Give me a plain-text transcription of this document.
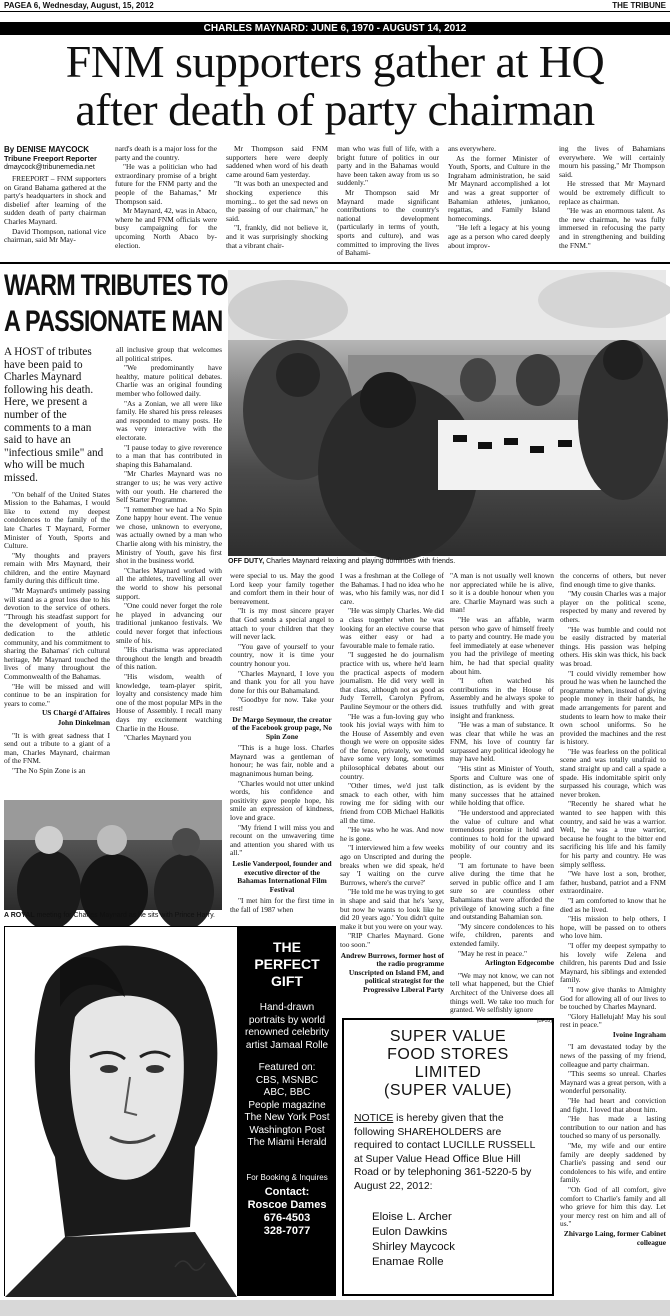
PAGEA 6, Wednesday, August, 15, 2012	THE TRIBUNE
CHARLES MAYNARD: JUNE 6, 1970 - AUGUST 14, 2012
FNM supporters gather at HQ
after death of party chairman
By DENISE MAYCOCK
Tribune Freeport Reporter
dmaycock@tribunemedia.net

FREEPORT – FNM supporters on Grand Bahama gathered at the party's headquarters in shock and disbelief after learning of the sudden death of party chairman Charles Maynard.

David Thompson, national vice chairman, said Mr May-

nard's death is a major loss for the party and the country.

"He was a politician who had extraordinary promise of a bright future for the FNM party and the people of the Bahamas," Mr Thompson said.

Mr Maynard, 42, was in Abaco, where he and FNM officials were busy campaigning for the upcoming North Abaco by-election.

Mr Thompson said FNM supporters here were deeply saddened when word of his death came around 6am yesterday.

"It was both an unexpected and shocking experience this morning... to get the sad news on the passing of our chairman," he said.

"I, frankly, did not believe it, and it was surprisingly shocking that a vibrant chair-

man who was full of life, with a bright future of politics in our party and in the Bahamas would have been taken away from us so suddenly."

Mr Thompson said Mr Maynard made significant contributions to the country's national development (particularly in terms of youth, sports and culture), and was committed to improving the lives of Bahami-

ans everywhere.

As the former Minister of Youth, Sports, and Culture in the Ingraham administration, he said Mr Maynard accomplished a lot and was a great supporter of Bahamian athletes, junkanoo, regattas, and Family Island homecomings.

"He left a legacy at his young age as a person who cared deeply about improv-

ing the lives of Bahamians everywhere. We will certainly mourn his passing," Mr Thompson said.

He stressed that Mr Maynard would be extremely difficult to replace as chairman.

"He was an enormous talent. As the new chairman, he was fully immersed in refocusing the party and in strengthening and building the FNM."

WARM TRIBUTES TO
A PASSIONATE MAN
A HOST of tributes have been paid to Charles Maynard following his death. Here, we present a number of the comments to a man said to have an "infectious smile" and who will be much missed.

"On behalf of the United States Mission to the Bahamas, I would like to extend my deepest condolences to the family of the late Charles T Maynard, Former Minister of Youth, Sports and Culture.

"My thoughts and prayers remain with Mrs Maynard, their children, and the entire Maynard family during this difficult time.

"Mr Maynard's untimely passing will stand as a great loss due to his devotion to the service of others. "Through his steadfast support for the development of youth, his dedication to the athletic community, and his commitment to sharing the Bahamas' rich cultural heritage, Mr Maynard touched the lives of many throughout the Commonwealth of the Bahamas.

"He will be missed and will continue to be an inspiration for years to come."

US Chargé d'Affaires

John Dinkelman

"It is with great sadness that I send out a tribute to a giant of a man, Charles Maynard, chairman of the FNM.

"The No Spin Zone is an

all inclusive group that welcomes all political stripes.

"We predominantly have healthy, mature political debates. Charlie was an original founding member who followed daily.

"As a Zonian, we all were like family. He shared his press releases and responded to many posts. He was very interactive with the electorate.

"I pause today to give reverence to a man that has contributed in shaping this Bahamaland.

"Mr Charles Maynard was no stranger to us; he was very active with our youth. He chartered the Self Starter Programme.

"I remember we had a No Spin Zone happy hour event. The venue we chose, unknown to everyone, was actually owned by a man who Charlie along with his ministry, the Ministry of Youth, gave his first shot in the business world.

"Charles Maynard worked with all the athletes, travelling all over the world to show his personal support.

"One could never forget the role he played in advancing our traditional junkanoo festivals. We could never forget that infectious smile of his.

"His charisma was appreciated throughout the length and breadth of this nation.

"His wisdom, wealth of knowledge, team-player spirit, loyalty and consistency made him one of the most popular MPs in the House of Assembly. I recall many days my excitement watching Charlie in the House.

"Charles Maynard you

OFF DUTY, Charles Maynard relaxing and playing dominoes with friends.
A ROYAL meeting for Charles Maynard as he sits with Prince Harry.

were special to us. May the good Lord keep your family together and comfort them in their hour of bereavement.

"It is my most sincere prayer that God sends a special angel to attach to your children that they will never lack.

"You gave of yourself to your country, now it is time your country honour you.

"Charles Maynard, I love you and thank you for all you have done for this our Bahamaland.

"Goodbye for now. Take your rest!

Dr Margo Seymour, the creator of the Facebook group page, No Spin Zone

"This is a huge loss. Charles Maynard was a gentleman of honour; he was fair, noble and a magnanimous human being.

"Charles would not utter unkind words, his confidence and positivity gave people hope, his smile an expression of kindness, love and grace.

"My friend I will miss you and recount on the unwavering time and attention you shared with us all."

Leslie Vanderpool, founder and executive director of the Bahamas International Film Festival

"I met him for the first time in the fall of 1987 when

I was a freshman at the College of the Bahamas. I had no idea who he was, who his family was, nor did I care.

"He was simply Charles. We did a class together when he was looking for an elective course that was either easy or had a favourable male to female ratio.

"I suggested he do journalism practice with us, where he'd learn the practical aspects of modern journalism. He did very well in that class, although not as good as Judy Terrell, Carolyn Pyfrom, Pauline Seymour or the others did.

"He was a fun-loving guy who took his jovial ways with him to the House of Assembly and even though we were on opposite sides of the fence, privately, we would have some very long, sometimes philosophical debates about our country.

"Other times, we'd just talk smack to each other, with him rowing me for siding with our friend from COB Michael Halkitis all the time.

"He was who he was. And now he is gone.

"I interviewed him a few weeks ago on Unscripted and during the breaks when we did speak, he'd say 'I waiting on the curve Burrows, where's the curve?'

"He told me he was trying to get in shape and said that he's 'sexy, but now he wants to look like he did 20 years ago.' You didn't quite make it but you were on your way.

"RIP Charles Maynard. Gone too soon."

Andrew Burrows, former host of the radio programme Unscripted on Island FM, and political strategist for the Progressive Liberal Party

"A man is not usually well known nor appreciated while he is alive, so it is a double honour when you are. Charlie Maynard was such a man!

"He was an affable, warm person who gave of himself freely to party and country. He made you feel immediately at ease whenever you had the privilege of meeting him, he had that special quality about him.

"I often watched his contributions in the House of Assembly and he always spoke to issues truthfully and with great insight and frankness.

"He was a man of substance. It was clear that while he was an FNM, his love of country far surpassed any political ideology he may have held.

"His stint as Minister of Youth, Sports and Culture was one of distinction, as is evident by the many successes that he attained while holding that office.

"He understood and appreciated the value of culture and what tremendous promise it held and continues to hold for the upward mobility of our country and its people.

"I am fortunate to have been alive during the time that he served in public office and I am sure so are countless other Bahamians that were afforded the privilege of knowing such a fine and outstanding Bahamian son.

"My sincere condolences to his wife, children, parents and extended family.

"May he rest in peace."

Arlington Edgecombe

"We may not know, we can not tell what happened, but the Chief Architect of the Universe does all things well. We take too much for granted. We selfishly ignore

the concerns of others, but never find enough time to give thanks.

"My cousin Charles was a major player on the political scene, respected by many and revered by others.

"He was humble and could not be easily distracted by material things. His passion was helping others. His skin was thick, his back was broad.

"I could vividly remember how proud he was when he launched the programme when, instead of giving people money in their hands, he made arrangements for parent and students to learn how to make their own school uniforms. So he provided the machines and the rest is history.

"He was fearless on the political scene and was totally unafraid to stand straight up and call a spade a spade. His indomitable spirit only surpassed his courage, which was never broken.

"Recently he shared what he wanted to see happen with this country, and said he was a warrior. Well, he was a true warrior, because he fought to the bitter end sacrificing his life and his family for his party and country. He was simply selfless.

"We have lost a son, brother, father, husband, patriot and a FNM extraordinaire.

"I am comforted to know that he died as he lived.

"His mission to help others, I hope, will be passed on to others who love him.

"I offer my deepest sympathy to his lovely wife Zelena and children, his parents Dud and Issie Maynard, his siblings and extended family.

"I now give thanks to Almighty God for allowing all of our lives to be touched by Charles Maynard.

"Glory Hallelujah! May his soul rest in peace."

Ivoine Ingraham

"I am devastated today by the news of the passing of my friend, colleague and party chairman.

"This seems so unreal. Charles Maynard was a great person, with a wonderful personality.

"He had heart and conviction and fight. I loved that about him.

"He has made a lasting contribution to our nation and has touched so many of us personally.

"Me, my wife and our entire family are deeply saddened by Charlie's passing and send our condolences to his wife, and entire family.

"Oh God of all comfort, give comfort to Charlie's family and all who grieve for him this day. Let your mercy rest on him and all of us."

Zhivargo Laing, former Cabinet colleague

THE
PERFECT
GIFT
Hand-drawn portraits by world renowned celebrity artist Jamaal Rolle
Featured on:
CBS, MSNBC
ABC, BBC
People magazine
The New York Post
Washington Post
The Miami Herald
For Booking & Inquires
Contact:
Roscoe Dames
676-4503
328-7077
SUPER VALUE
FOOD STORES LIMITED
(SUPER VALUE)
NOTICE is hereby given that the following SHAREHOLDERS are required to contact LUCILLE RUSSELL at Super Value Head Office Blue Hill Road or by telephoning 361-5220-5 by August 22, 2012:
Eloise L. Archer
Eulon Dawkins
Shirley Maycock
Enamae Rolle
(BF55)
